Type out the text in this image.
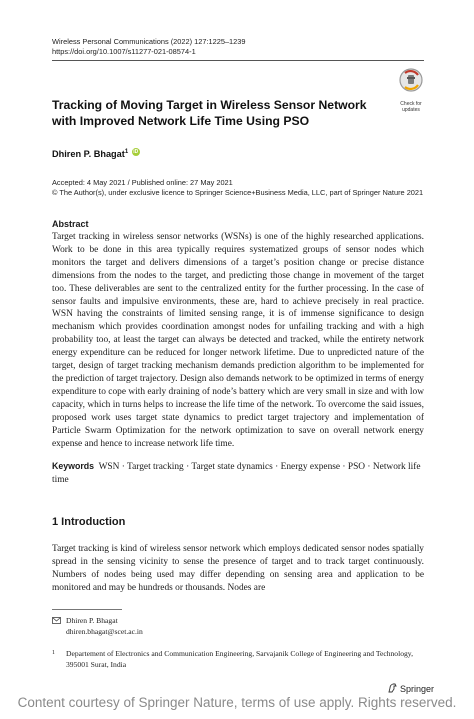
Wireless Personal Communications (2022) 127:1225–1239
https://doi.org/10.1007/s11277-021-08574-1
Check for
updates
Tracking of Moving Target in Wireless Sensor Network
with Improved Network Life Time Using PSO
Dhiren P. Bhagat$^1$	iD
Accepted: 4 May 2021 / Published online: 27 May 2021
© The Author(s), under exclusive licence to Springer Science+Business Media, LLC, part of Springer Nature 2021
Abstract
Target tracking in wireless sensor networks (WSNs) is one of the highly researched applications. Work to be done in this area typically requires systematized groups of sensor nodes which monitors the target and delivers dimensions of a target’s position change or precise distance dimensions from the nodes to the target, and predicting those change in movement of the target too. These deliverables are sent to the centralized entity for the further processing. In the case of sensor faults and impulsive environments, these are, hard to achieve precisely in real practice. WSN having the constraints of limited sensing range, it is of immense significance to design mechanism which provides coordination amongst nodes for unfailing tracking and with a high probability too, at least the target can always be detected and tracked, while the entirety network energy expenditure can be reduced for longer network lifetime. Due to unpredicted nature of the target, design of target tracking mechanism demands prediction algorithm to be implemented for the prediction of target trajectory. Design also demands network to be optimized in terms of energy expenditure to cope with early draining of node’s battery which are very small in size and with low capacity, which in turns helps to increase the life time of the network. To overcome the said issues, proposed work uses target state dynamics to predict target trajectory and implementation of Particle Swarm Optimization for the network optimization to save on overall network energy expense and hence to increase network life time.
Keywords WSN · Target tracking · Target state dynamics · Energy expense · PSO · Network life time
1 Introduction
Target tracking is kind of wireless sensor network which employs dedicated sensor nodes spatially spread in the sensing vicinity to sense the presence of target and to track target continuously. Numbers of nodes being used may differ depending on sensing area and application to be monitored and may be hundreds or thousands. Nodes are
Dhiren P. Bhagat
dhiren.bhagat@scet.ac.in
1 Departement of Electronics and Communication Engineering, Sarvajanik College of Engineering and Technology, 395001 Surat, India
Springer
Content courtesy of Springer Nature, terms of use apply. Rights reserved.
